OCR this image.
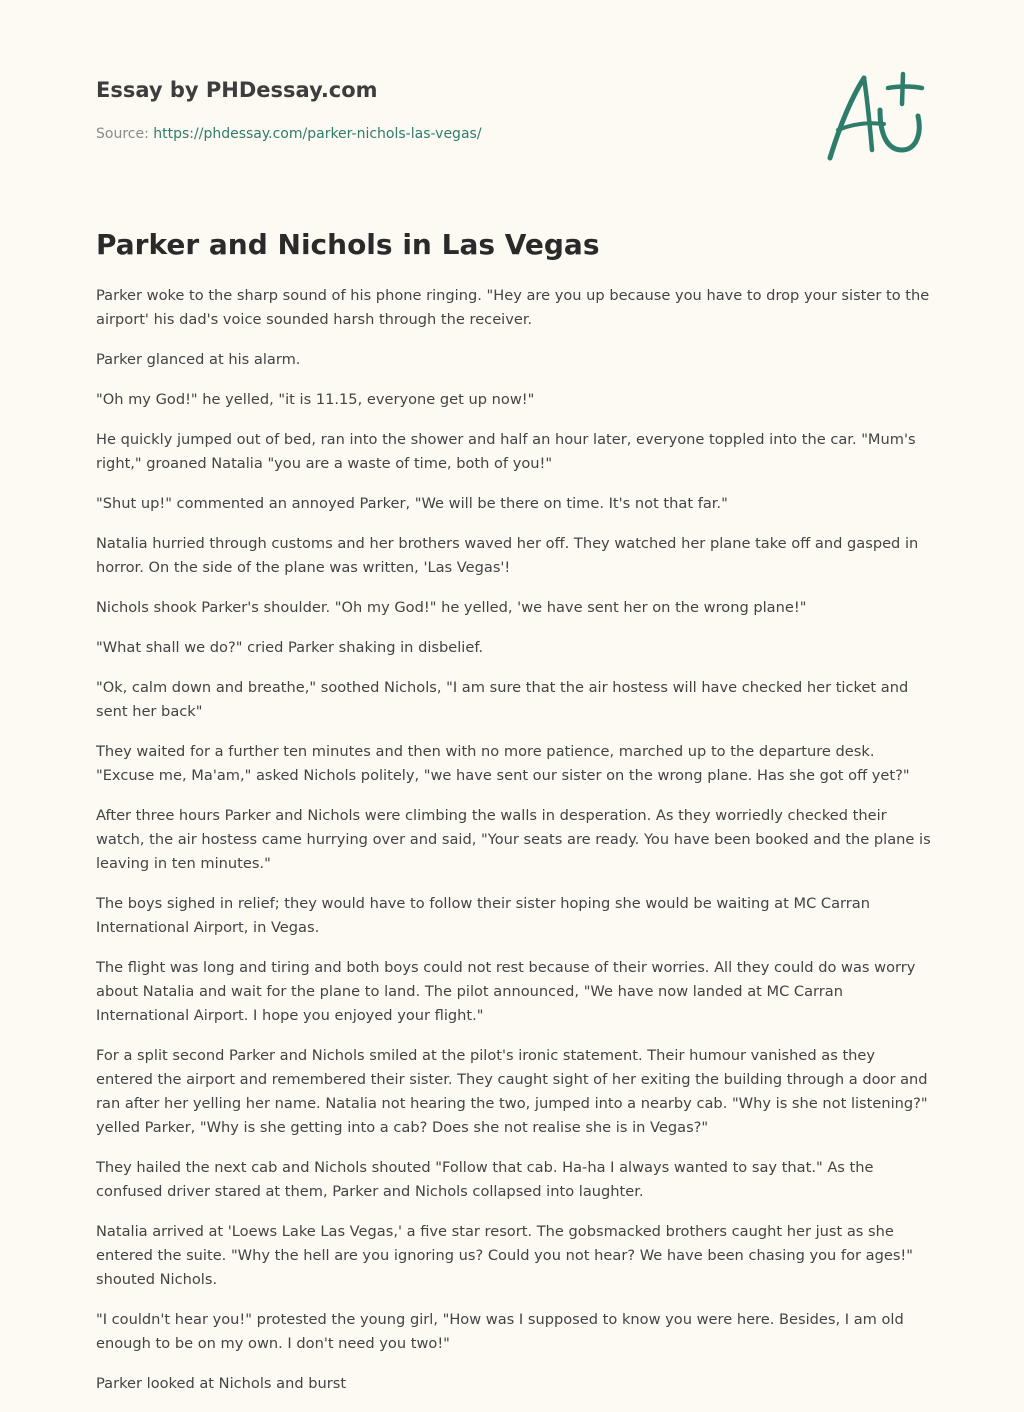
Essay by PHDessay.com
Source: https://phdessay.com/parker-nichols-las-vegas/
Parker and Nichols in Las Vegas

Parker woke to the sharp sound of his phone ringing. "Hey are you up because you have to drop your sister to the airport' his dad's voice sounded harsh through the receiver.

Parker glanced at his alarm.

"Oh my God!" he yelled, "it is 11.15, everyone get up now!"

He quickly jumped out of bed, ran into the shower and half an hour later, everyone toppled into the car. "Mum's right," groaned Natalia "you are a waste of time, both of you!"

"Shut up!" commented an annoyed Parker, "We will be there on time. It's not that far."

Natalia hurried through customs and her brothers waved her off. They watched her plane take off and gasped in horror. On the side of the plane was written, 'Las Vegas'!

Nichols shook Parker's shoulder. "Oh my God!" he yelled, 'we have sent her on the wrong plane!"

"What shall we do?" cried Parker shaking in disbelief.

"Ok, calm down and breathe," soothed Nichols, "I am sure that the air hostess will have checked her ticket and sent her back"

They waited for a further ten minutes and then with no more patience, marched up to the departure desk. "Excuse me, Ma'am," asked Nichols politely, "we have sent our sister on the wrong plane. Has she got off yet?"

After three hours Parker and Nichols were climbing the walls in desperation. As they worriedly checked their watch, the air hostess came hurrying over and said, "Your seats are ready. You have been booked and the plane is leaving in ten minutes."

The boys sighed in relief; they would have to follow their sister hoping she would be waiting at MC Carran International Airport, in Vegas.

The flight was long and tiring and both boys could not rest because of their worries. All they could do was worry about Natalia and wait for the plane to land. The pilot announced, "We have now landed at MC Carran International Airport. I hope you enjoyed your flight."

For a split second Parker and Nichols smiled at the pilot's ironic statement. Their humour vanished as they entered the airport and remembered their sister. They caught sight of her exiting the building through a door and ran after her yelling her name. Natalia not hearing the two, jumped into a nearby cab. "Why is she not listening?" yelled Parker, "Why is she getting into a cab? Does she not realise she is in Vegas?"

They hailed the next cab and Nichols shouted "Follow that cab. Ha-ha I always wanted to say that." As the confused driver stared at them, Parker and Nichols collapsed into laughter.

Natalia arrived at 'Loews Lake Las Vegas,' a five star resort. The gobsmacked brothers caught her just as she entered the suite. "Why the hell are you ignoring us? Could you not hear? We have been chasing you for ages!" shouted Nichols.

"I couldn't hear you!" protested the young girl, "How was I supposed to know you were here. Besides, I am old enough to be on my own. I don't need you two!"

Parker looked at Nichols and burst
